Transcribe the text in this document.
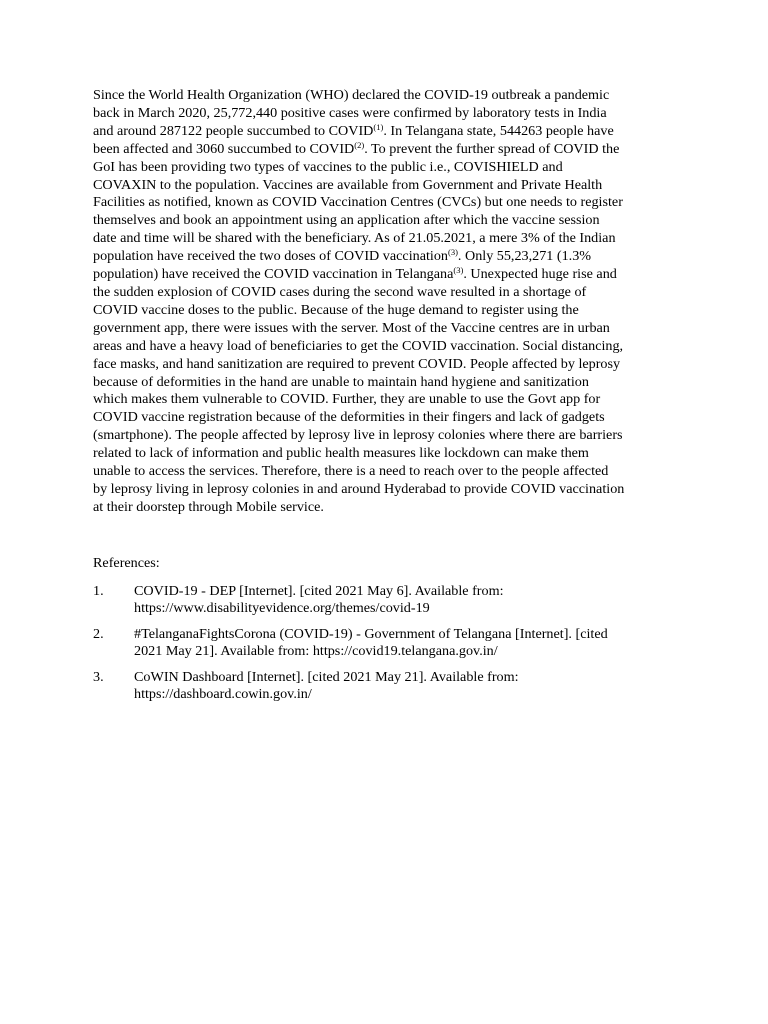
Since the World Health Organization (WHO) declared the COVID-19 outbreak a pandemic
back in March 2020, 25,772,440 positive cases were confirmed by laboratory tests in India
and around 287122 people succumbed to COVID$^{(1)}$. In Telangana state, 544263 people have
been affected and 3060 succumbed to COVID$^{(2)}$. To prevent the further spread of COVID the
GoI has been providing two types of vaccines to the public i.e., COVISHIELD and
COVAXIN to the population. Vaccines are available from Government and Private Health
Facilities as notified, known as COVID Vaccination Centres (CVCs) but one needs to register
themselves and book an appointment using an application after which the vaccine session
date and time will be shared with the beneficiary. As of 21.05.2021, a mere 3% of the Indian
population have received the two doses of COVID vaccination$^{(3)}$. Only 55,23,271 (1.3%
population) have received the COVID vaccination in Telangana$^{(3)}$. Unexpected huge rise and
the sudden explosion of COVID cases during the second wave resulted in a shortage of
COVID vaccine doses to the public. Because of the huge demand to register using the
government app, there were issues with the server. Most of the Vaccine centres are in urban
areas and have a heavy load of beneficiaries to get the COVID vaccination. Social distancing,
face masks, and hand sanitization are required to prevent COVID. People affected by leprosy
because of deformities in the hand are unable to maintain hand hygiene and sanitization
which makes them vulnerable to COVID. Further, they are unable to use the Govt app for
COVID vaccine registration because of the deformities in their fingers and lack of gadgets
(smartphone). The people affected by leprosy live in leprosy colonies where there are barriers
related to lack of information and public health measures like lockdown can make them
unable to access the services. Therefore, there is a need to reach over to the people affected
by leprosy living in leprosy colonies in and around Hyderabad to provide COVID vaccination
at their doorstep through Mobile service.

References:

1.	COVID-19 - DEP [Internet]. [cited 2021 May 6]. Available from:
https://www.disabilityevidence.org/themes/covid-19
2.	#TelanganaFightsCorona (COVID-19) - Government of Telangana [Internet]. [cited
2021 May 21]. Available from: https://covid19.telangana.gov.in/
3.	CoWIN Dashboard [Internet]. [cited 2021 May 21]. Available from:
https://dashboard.cowin.gov.in/
